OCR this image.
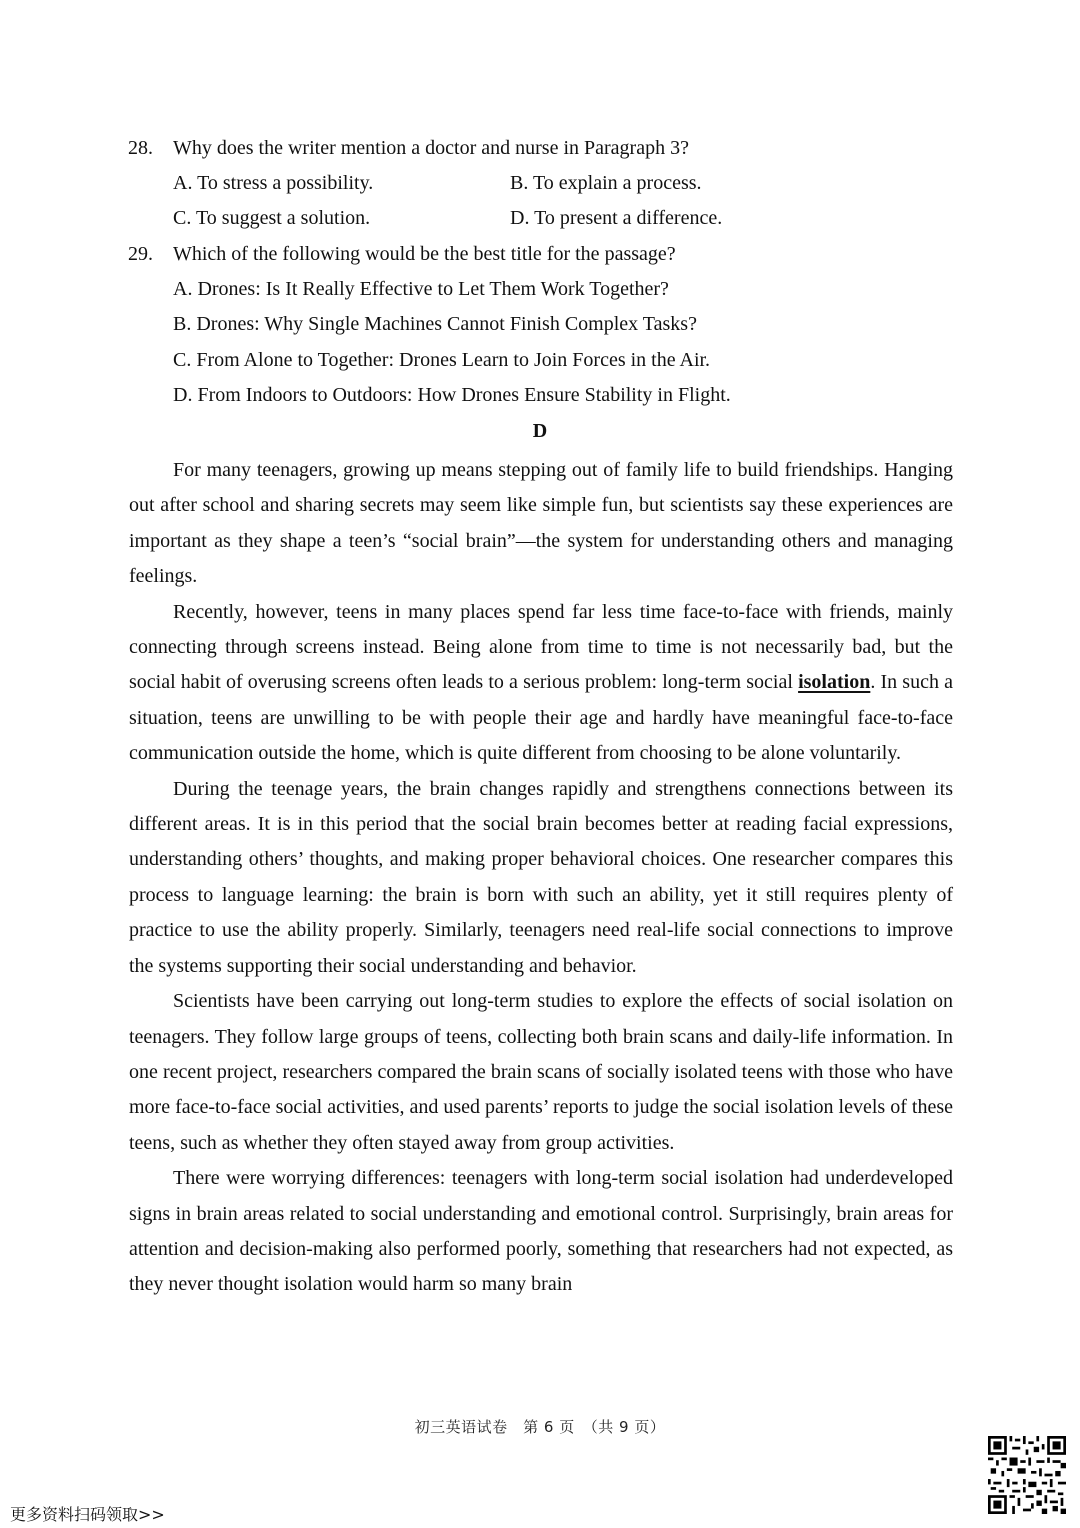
28. Why does the writer mention a doctor and nurse in Paragraph 3?
A. To stress a possibility.	B. To explain a process.
C. To suggest a solution.	D. To present a difference.
29. Which of the following would be the best title for the passage?
A. Drones: Is It Really Effective to Let Them Work Together?
B. Drones: Why Single Machines Cannot Finish Complex Tasks?
C. From Alone to Together: Drones Learn to Join Forces in the Air.
D. From Indoors to Outdoors: How Drones Ensure Stability in Flight.
D

For many teenagers, growing up means stepping out of family life to build friendships. Hanging out after school and sharing secrets may seem like simple fun, but scientists say these experiences are important as they shape a teen’s “social brain”—the system for understanding others and managing feelings.

Recently, however, teens in many places spend far less time face-to-face with friends, mainly connecting through screens instead. Being alone from time to time is not necessarily bad, but the social habit of overusing screens often leads to a serious problem: long-term social isolation. In such a situation, teens are unwilling to be with people their age and hardly have meaningful face-to-face communication outside the home, which is quite different from choosing to be alone voluntarily.

During the teenage years, the brain changes rapidly and strengthens connections between its different areas. It is in this period that the social brain becomes better at reading facial expressions, understanding others’ thoughts, and making proper behavioral choices. One researcher compares this process to language learning: the brain is born with such an ability, yet it still requires plenty of practice to use the ability properly. Similarly, teenagers need real-life social connections to improve the systems supporting their social understanding and behavior.

Scientists have been carrying out long-term studies to explore the effects of social isolation on teenagers. They follow large groups of teens, collecting both brain scans and daily-life information. In one recent project, researchers compared the brain scans of socially isolated teens with those who have more face-to-face social activities, and used parents’ reports to judge the social isolation levels of these teens, such as whether they often stayed away from group activities.

There were worrying differences: teenagers with long-term social isolation had underdeveloped signs in brain areas related to social understanding and emotional control. Surprisingly, brain areas for attention and decision-making also performed poorly, something that researchers had not expected, as they never thought isolation would harm so many brain

初三英语试卷　第 6 页　（共 9 页）
更多资料扫码领取>>
